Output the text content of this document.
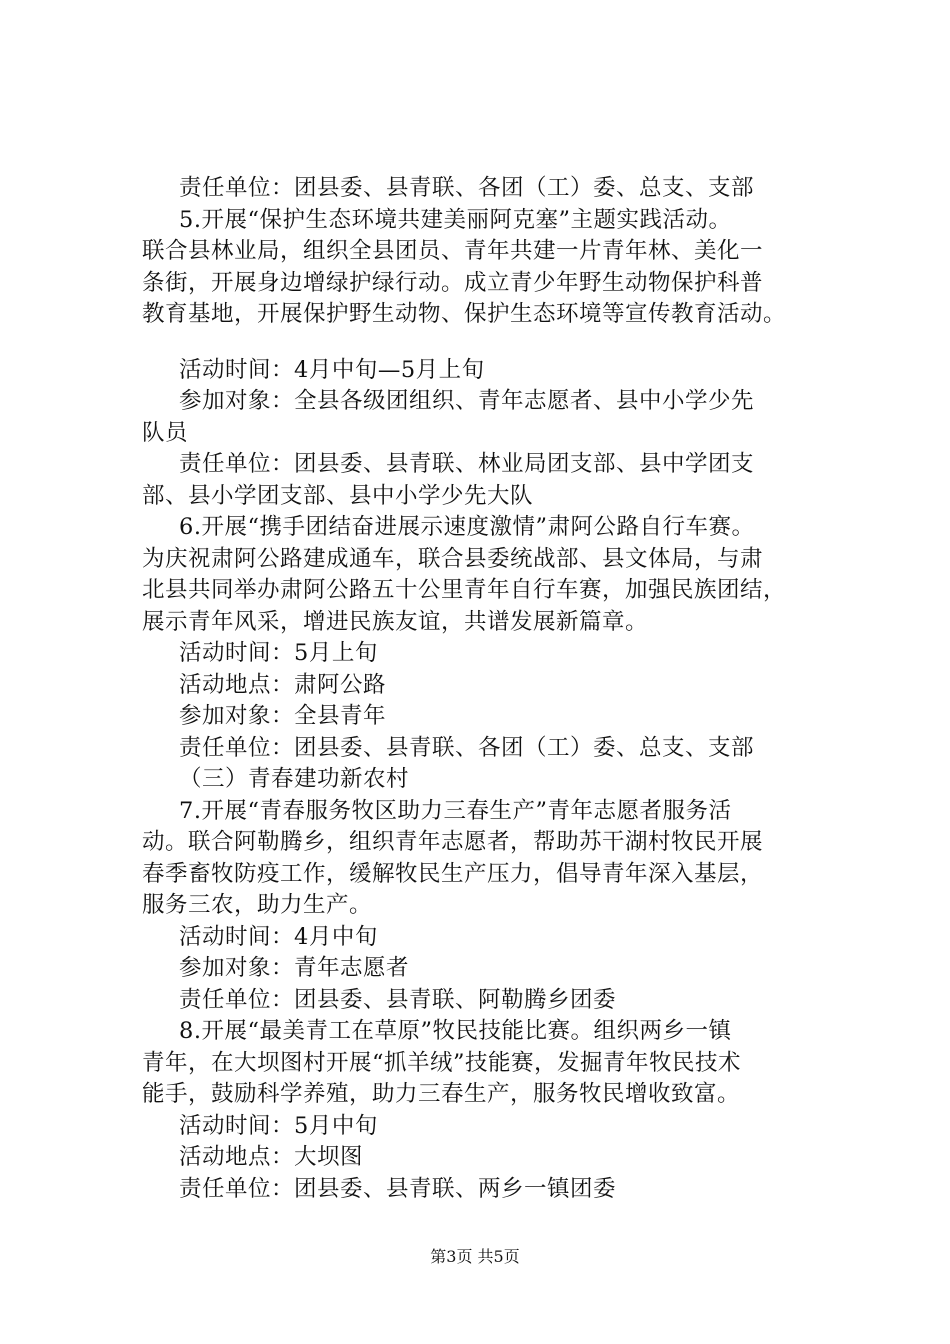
责任单位：团县委、县青联、各团（工）委、总支、支部

5.开展“保护生态环境共建美丽阿克塞”主题实践活动。

联合县林业局，组织全县团员、青年共建一片青年林、美化一

条街，开展身边增绿护绿行动。成立青少年野生动物保护科普

教育基地，开展保护野生动物、保护生态环境等宣传教育活动。

活动时间：4月中旬—5月上旬

参加对象：全县各级团组织、青年志愿者、县中小学少先

队员

责任单位：团县委、县青联、林业局团支部、县中学团支

部、县小学团支部、县中小学少先大队

6.开展“携手团结奋进展示速度激情”肃阿公路自行车赛。

为庆祝肃阿公路建成通车，联合县委统战部、县文体局，与肃

北县共同举办肃阿公路五十公里青年自行车赛，加强民族团结，

展示青年风采，增进民族友谊，共谱发展新篇章。

活动时间：5月上旬

活动地点：肃阿公路

参加对象：全县青年

责任单位：团县委、县青联、各团（工）委、总支、支部

（三）青春建功新农村

7.开展“青春服务牧区助力三春生产”青年志愿者服务活

动。联合阿勒腾乡，组织青年志愿者，帮助苏干湖村牧民开展

春季畜牧防疫工作，缓解牧民生产压力，倡导青年深入基层，

服务三农，助力生产。

活动时间：4月中旬

参加对象：青年志愿者

责任单位：团县委、县青联、阿勒腾乡团委

8.开展“最美青工在草原”牧民技能比赛。组织两乡一镇

青年，在大坝图村开展“抓羊绒”技能赛，发掘青年牧民技术

能手，鼓励科学养殖，助力三春生产，服务牧民增收致富。

活动时间：5月中旬

活动地点：大坝图

责任单位：团县委、县青联、两乡一镇团委

第3页 共5页
